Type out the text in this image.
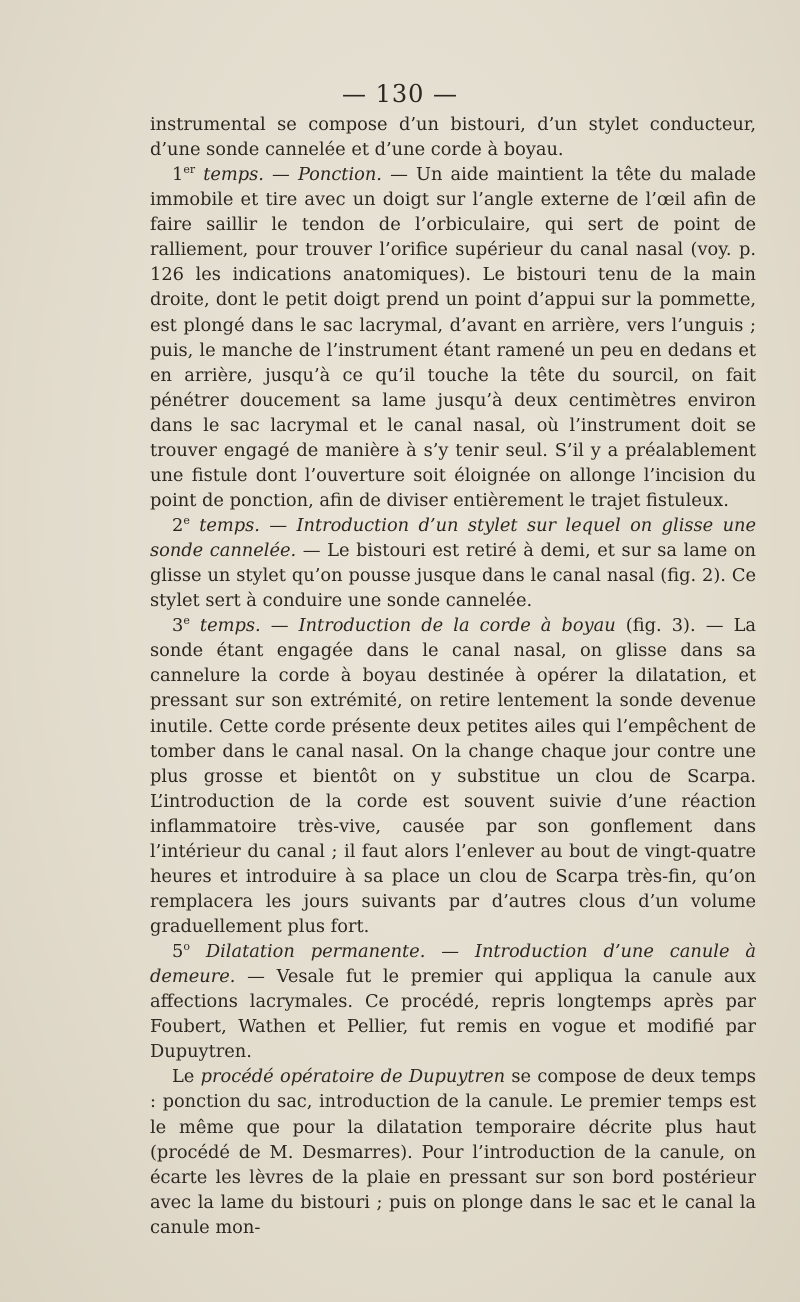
— 130 —

instrumental se compose d’un bistouri, d’un stylet conducteur, d’une sonde cannelée et d’une corde à boyau.

1er temps. — Ponction. — Un aide maintient la tête du malade immobile et tire avec un doigt sur l’angle externe de l’œil afin de faire saillir le tendon de l’orbiculaire, qui sert de point de ralliement, pour trouver l’orifice supérieur du canal nasal (voy. p. 126 les indications anatomiques). Le bistouri tenu de la main droite, dont le petit doigt prend un point d’appui sur la pommette, est plongé dans le sac lacrymal, d’avant en arrière, vers l’unguis ; puis, le manche de l’instrument étant ramené un peu en dedans et en arrière, jusqu’à ce qu’il touche la tête du sourcil, on fait pénétrer doucement sa lame jusqu’à deux centimètres environ dans le sac lacrymal et le canal nasal, où l’instrument doit se trouver engagé de manière à s’y tenir seul. S’il y a préalablement une fistule dont l’ouverture soit éloignée on allonge l’incision du point de ponction, afin de diviser entièrement le trajet fistuleux.

2e temps. — Introduction d’un stylet sur lequel on glisse une sonde cannelée. — Le bistouri est retiré à demi, et sur sa lame on glisse un stylet qu’on pousse jusque dans le canal nasal (fig. 2). Ce stylet sert à conduire une sonde cannelée.

3e temps. — Introduction de la corde à boyau (fig. 3). — La sonde étant engagée dans le canal nasal, on glisse dans sa cannelure la corde à boyau destinée à opérer la dilatation, et pressant sur son extrémité, on retire lentement la sonde devenue inutile. Cette corde présente deux petites ailes qui l’empêchent de tomber dans le canal nasal. On la change chaque jour contre une plus grosse et bientôt on y substitue un clou de Scarpa. L’introduction de la corde est souvent suivie d’une réaction inflammatoire très-vive, causée par son gonflement dans l’intérieur du canal ; il faut alors l’enlever au bout de vingt-quatre heures et introduire à sa place un clou de Scarpa très-fin, qu’on remplacera les jours suivants par d’autres clous d’un volume graduellement plus fort.

5$^o$ Dilatation permanente. — Introduction d’une canule à demeure. — Vesale fut le premier qui appliqua la canule aux affections lacrymales. Ce procédé, repris longtemps après par Foubert, Wathen et Pellier, fut remis en vogue et modifié par Dupuytren.

Le procédé opératoire de Dupuytren se compose de deux temps : ponction du sac, introduction de la canule. Le premier temps est le même que pour la dilatation temporaire décrite plus haut (procédé de M. Desmarres). Pour l’introduction de la canule, on écarte les lèvres de la plaie en pressant sur son bord postérieur avec la lame du bistouri ; puis on plonge dans le sac et le canal la canule mon-
